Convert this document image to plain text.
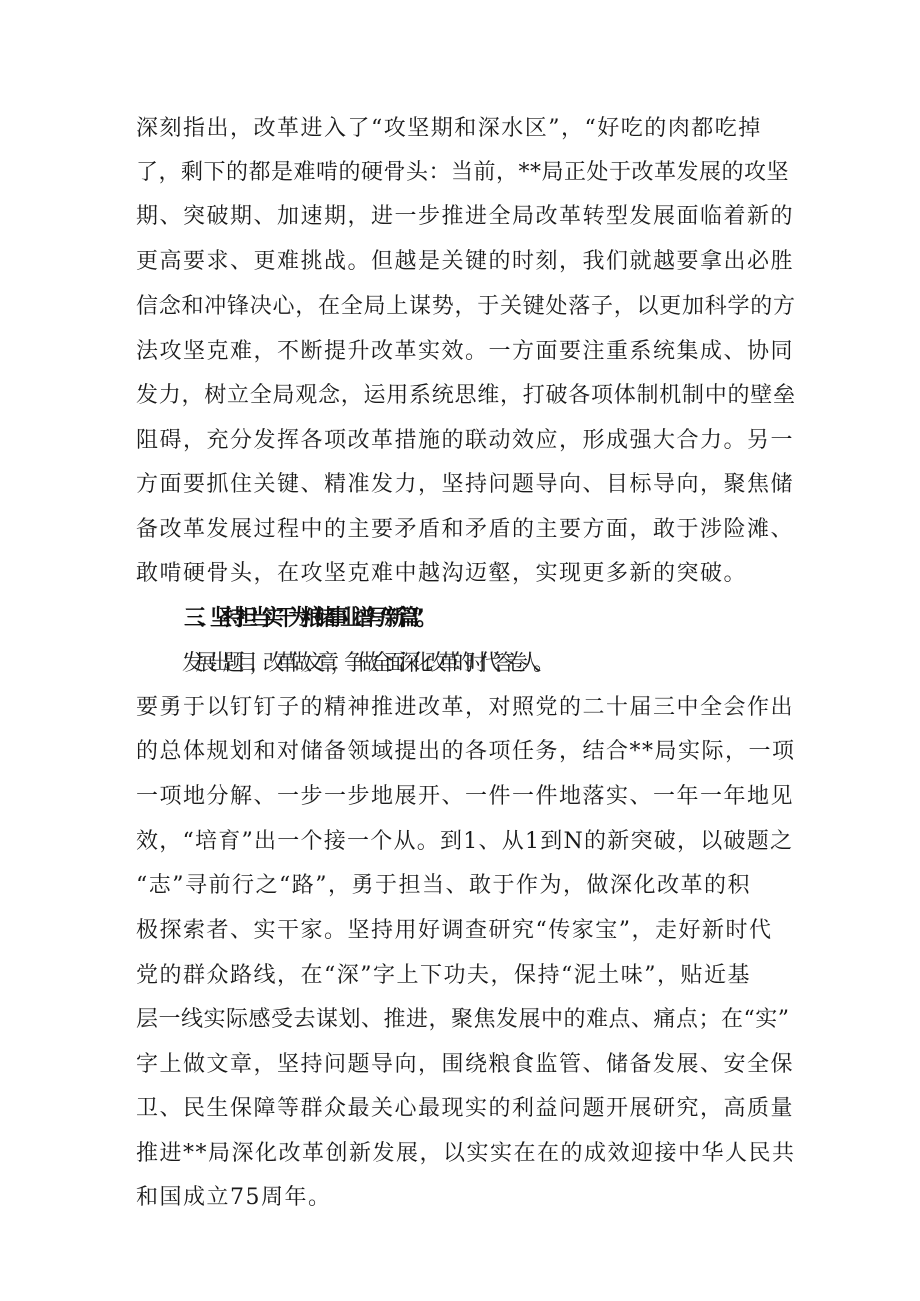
深刻指出，改革进入了“攻坚期和深水区”，“好吃的肉都吃掉

了，剩下的都是难啃的硬骨头：当前，**局正处于改革发展的攻坚

期、突破期、加速期，进一步推进全局改革转型发展面临着新的

更高要求、更难挑战。但越是关键的时刻，我们就越要拿出必胜

信念和冲锋决心，在全局上谋势，于关键处落子，以更加科学的方

法攻坚克难，不断提升改革实效。一方面要注重系统集成、协同

发力，树立全局观念，运用系统思维，打破各项体制机制中的壁垒

阻碍，充分发挥各项改革措施的联动效应，形成强大合力。另一

方面要抓住关键、精准发力，坚持问题导向、目标导向，聚焦储

备改革发展过程中的主要矛盾和矛盾的主要方面，敢于涉险滩、

敢啃硬骨头，在攻坚克难中越沟迈壑，实现更多新的突破。

三、坚持担当实干为粮储事业谱写“新篇”。

发展出题目，改革做文章，争做全面深化改革的时代答卷人。

要勇于以钉钉子的精神推进改革，对照党的二十届三中全会作出

的总体规划和对储备领域提出的各项任务，结合**局实际，一项

一项地分解、一步一步地展开、一件一件地落实、一年一年地见

效，“培育”出一个接一个从。到1、从1到N的新突破，以破题之

“志”寻前行之“路”，勇于担当、敢于作为，做深化改革的积

极探索者、实干家。坚持用好调查研究“传家宝”，走好新时代

党的群众路线，在“深”字上下功夫，保持“泥土味”，贴近基

层一线实际感受去谋划、推进，聚焦发展中的难点、痛点；在“实”

字上做文章，坚持问题导向，围绕粮食监管、储备发展、安全保

卫、民生保障等群众最关心最现实的利益问题开展研究，高质量

推进**局深化改革创新发展，以实实在在的成效迎接中华人民共

和国成立75周年。
